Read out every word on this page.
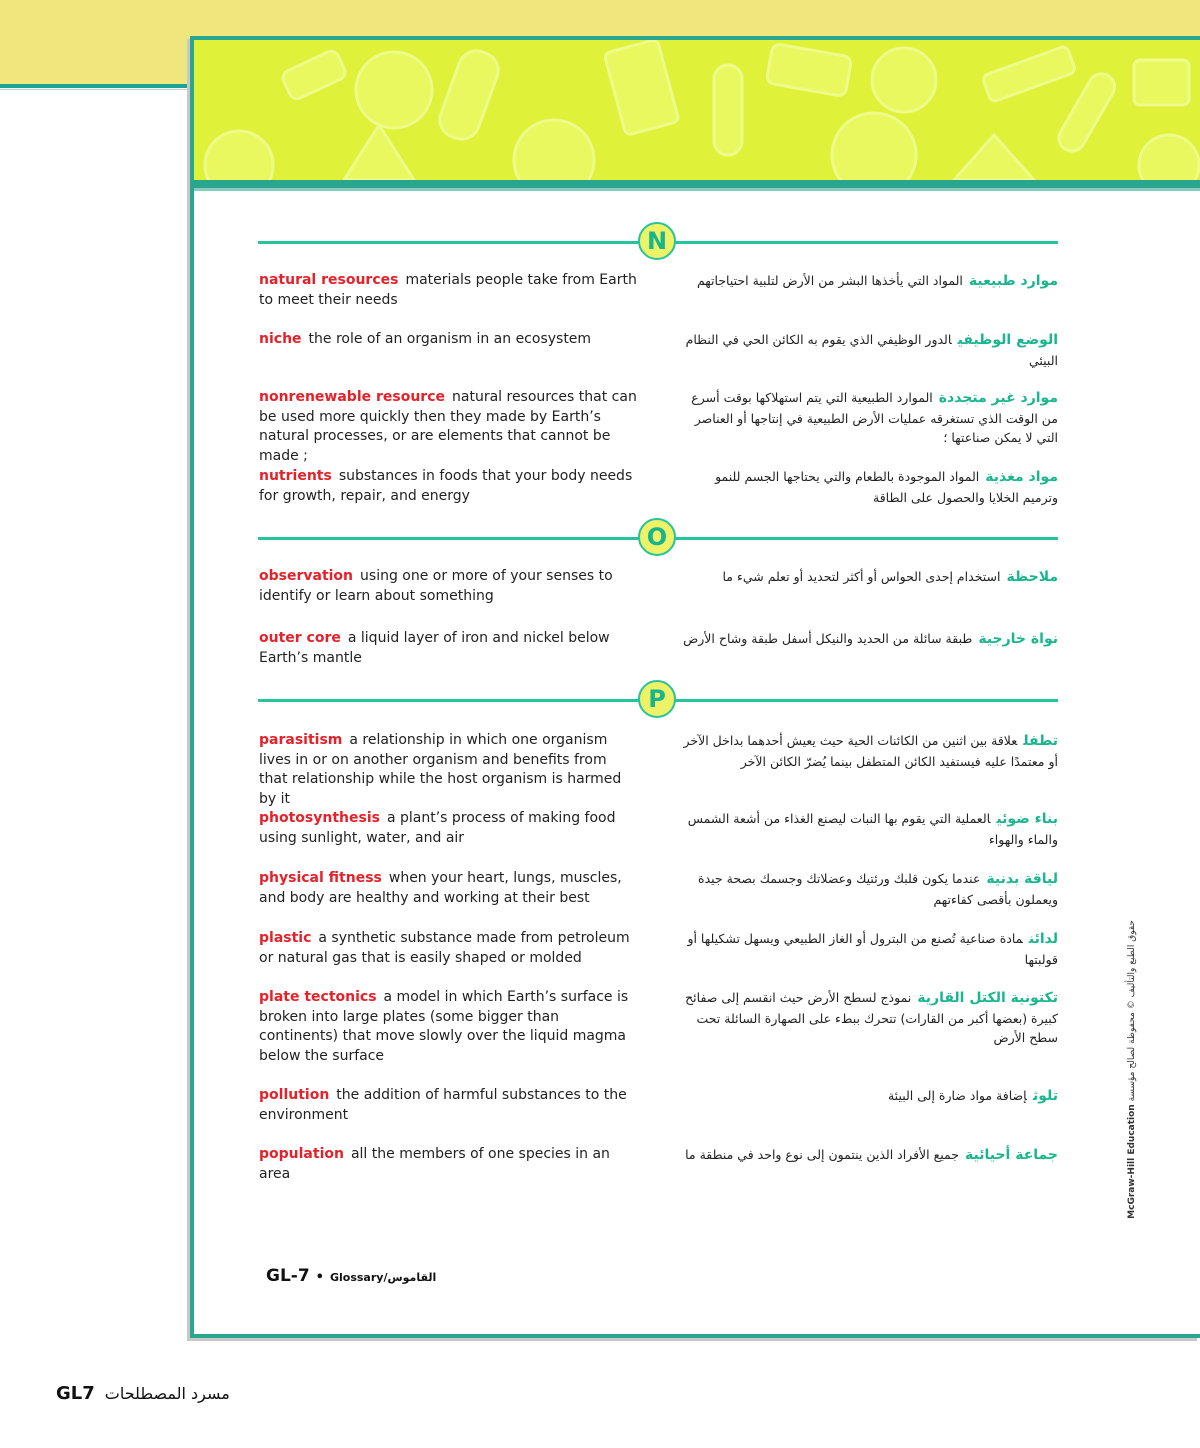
N
natural resources materials people take from Earth to meet their needs
موارد طبيعيةالمواد التي يأخذها البشر من الأرض لتلبية احتياجاتهم
niche the role of an organism in an ecosystem	الوضع الوظيفيالدور الوظيفي الذي يقوم به الكائن الحي في النظام البيئي
nonrenewable resource natural resources that can be used more quickly then they made by Earth’s natural processes, or are elements that cannot be made ;
موارد غير متجددةالموارد الطبيعية التي يتم استهلاكها بوقت أسرع من الوقت الذي تستغرقه عمليات الأرض الطبيعية في إنتاجها أو العناصر التي لا يمكن صناعتها ؛
nutrients substances in foods that your body needs for growth, repair, and energy
مواد مغذيةالمواد الموجودة بالطعام والتي يحتاجها الجسم للنمو وترميم الخلايا والحصول على الطاقة
O
observation using one or more of your senses to identify or learn about something
ملاحظةاستخدام إحدى الحواس أو أكثر لتحديد أو تعلم شيء ما
outer core a liquid layer of iron and nickel below Earth’s mantle
نواة خارجيةطبقة سائلة من الحديد والنيكل أسفل طبقة وشاح الأرض
P
parasitism a relationship in which one organism lives in or on another organism and benefits from that relationship while the host organism is harmed by it
تطفلعلاقة بين اثنين من الكائنات الحية حيث يعيش أحدهما بداخل الآخر أو معتمدًا عليه فيستفيد الكائن المتطفل بينما يُضرّ الكائن الآخر
photosynthesis a plant’s process of making food using sunlight, water, and air
بناء ضوئيالعملية التي يقوم بها النبات ليصنع الغذاء من أشعة الشمس والماء والهواء
physical fitness when your heart, lungs, muscles, and body are healthy and working at their best
لياقة بدنيةعندما يكون قلبك ورئتيك وعضلاتك وجسمك بصحة جيدة ويعملون بأقصى كفاءتهم
plastic a synthetic substance made from petroleum or natural gas that is easily shaped or molded
لدائنمادة صناعية تُصنع من البترول أو الغاز الطبيعي ويسهل تشكيلها أو قولبتها
plate tectonics a model in which Earth’s surface is broken into large plates (some bigger than continents) that move slowly over the liquid magma below the surface
تكتونية الكتل القاريةنموذج لسطح الأرض حيث انقسم إلى صفائح كبيرة (بعضها أكبر من القارات) تتحرك ببطء على الصهارة السائلة تحت سطح الأرض
pollution the addition of harmful substances to the environment
تلوثإضافة مواد ضارة إلى البيئة
population all the members of one species in an area
جماعة أحيائيةجميع الأفراد الذين ينتمون إلى نوع واحد في منطقة ما
GL-7 • Glossary/القاموس
حقوق الطبع والتأليف © محفوظة لصالح مؤسسة McGraw-Hill Education
GL7 مسرد المصطلحات
